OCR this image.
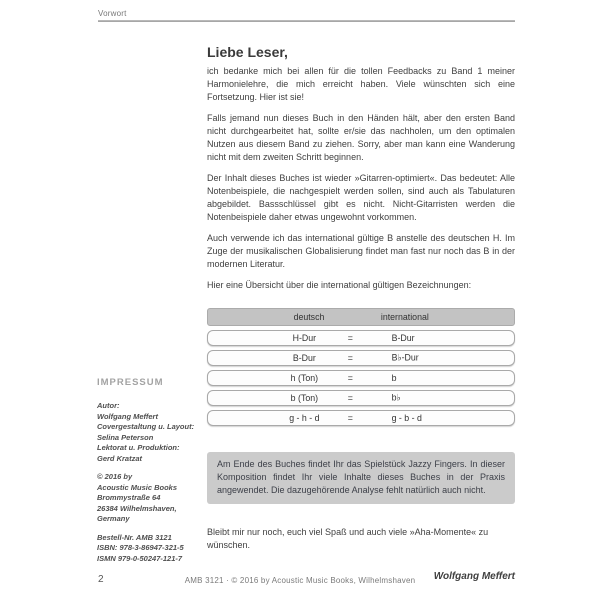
Vorwort
Liebe Leser,

ich bedanke mich bei allen für die tollen Feedbacks zu Band 1 meiner Harmonielehre, die mich erreicht haben. Viele wünschten sich eine Fortsetzung. Hier ist sie!

Falls jemand nun dieses Buch in den Händen hält, aber den ersten Band nicht durchgearbeitet hat, sollte er/sie das nachholen, um den optimalen Nutzen aus diesem Band zu ziehen. Sorry, aber man kann eine Wanderung nicht mit dem zweiten Schritt beginnen.

Der Inhalt dieses Buches ist wieder »Gitarren-optimiert«. Das bedeutet: Alle Notenbeispiele, die nachgespielt werden sollen, sind auch als Tabulaturen abgebildet. Bassschlüssel gibt es nicht. Nicht-Gitarristen werden die Notenbeispiele daher etwas ungewohnt vorkommen.

Auch verwende ich das international gültige B anstelle des deutschen H. Im Zuge der musikalischen Globalisierung findet man fast nur noch das B in der modernen Literatur.

Hier eine Übersicht über die international gültigen Bezeichnungen:

deutsch	international
H-Dur	=	B-Dur
B-Dur	=	B♭-Dur
h (Ton)	=	b
b (Ton)	=	b♭
g - h - d	=	g - b - d
Am Ende des Buches findet Ihr das Spielstück Jazzy Fingers. In dieser Komposition findet Ihr viele Inhalte dieses Buches in der Praxis angewendet. Die dazugehörende Analyse fehlt natürlich auch nicht.

Bleibt mir nur noch, euch viel Spaß und auch viele »Aha-Momente« zu wünschen.

Wolfgang Meffert
IMPRESSUM
Autor:
Wolfgang Meffert
Covergestaltung u. Layout:
Selina Peterson
Lektorat u. Produktion:
Gerd Kratzat
© 2016 by
Acoustic Music Books
Brommystraße 64
26384 Wilhelmshaven,
Germany
Bestell-Nr. AMB 3121
ISBN: 978-3-86947-321-5
ISMN 979-0-50247-121-7
2	AMB 3121 · © 2016 by Acoustic Music Books, Wilhelmshaven
